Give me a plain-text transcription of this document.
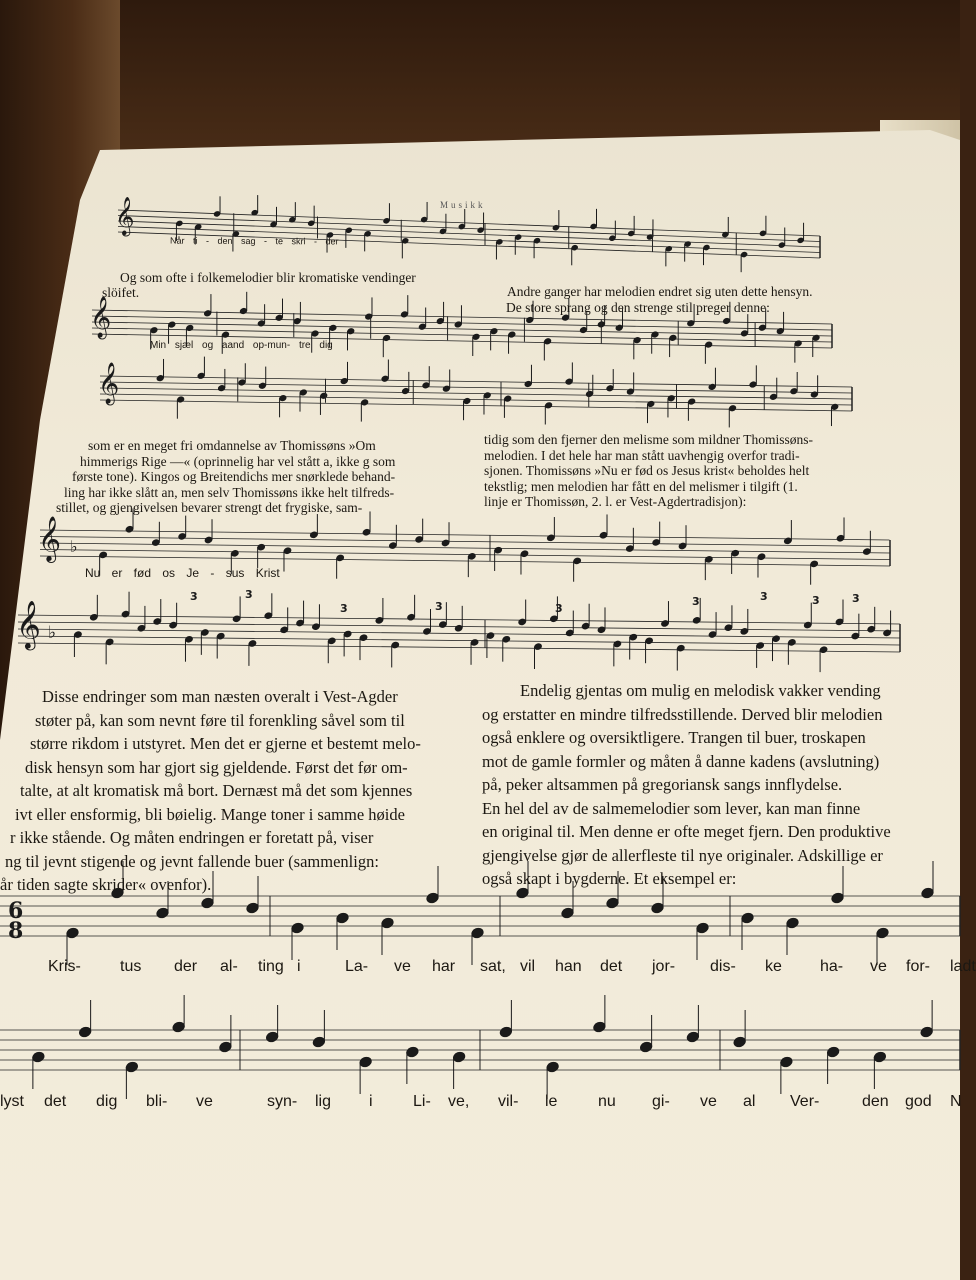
Musikk
𝄞
𝄞
𝄞
𝄞 ♭
𝄞 ♭
3	3
3	3	3
3	3	3	3
6
8
Når ti - den sag - te skri - der
Min sjæl og aand op-mun- tre dig
Nu er fød os Je - sus Krist
Kris- tus der al- ting i	La- ve har sat, vil han det jor- dis- ke ha- ve for- ladt
lyst det dig bli- ve	syn- lig i	Li- ve, vil- le	nu gi- ve al Ver-	den god N
Og som ofte i folkemelodier blir kromatiske vendinger
slöifet.	Andre ganger har melodien endret sig uten dette hensyn.
De store sprang og den strenge stil preger denne:
som er en meget fri omdannelse av Thomissøns »Om
himmerigs Rige —« (oprinnelig har vel stått a, ikke g som
første tone). Kingos og Breitendichs mer snørklede behand-
ling har ikke slått an, men selv Thomissøns ikke helt tilfreds-
stillet, og gjengivelsen bevarer strengt det frygiske, sam-
tidig som den fjerner den melisme som mildner Thomissøns-
melodien. I det hele har man stått uavhengig overfor tradi-
sjonen. Thomissøns »Nu er fød os Jesus krist« beholdes helt
tekstlig; men melodien har fått en del melismer i tilgift (1.
linje er Thomissøn, 2. l. er Vest-Agdertradisjon):
Disse endringer som man næsten overalt i Vest-Agder
støter på, kan som nevnt føre til forenkling såvel som til
større rikdom i utstyret. Men det er gjerne et bestemt melo-
disk hensyn som har gjort sig gjeldende. Først det før om-
talte, at alt kromatisk må bort. Dernæst må det som kjennes
ivt eller ensformig, bli bøielig. Mange toner i samme høide
r ikke stående. Og måten endringen er foretatt på, viser
ng til jevnt stigende og jevnt fallende buer (sammenlign:
år tiden sagte skrider« ovenfor).
Endelig gjentas om mulig en melodisk vakker vending
og erstatter en mindre tilfredsstillende. Derved blir melodien
også enklere og oversiktligere. Trangen til buer, troskapen
mot de gamle formler og måten å danne kadens (avslutning)
på, peker altsammen på gregoriansk sangs innflydelse.
En hel del av de salmemelodier som lever, kan man finne
en original til. Men denne er ofte meget fjern. Den produktive
gjengivelse gjør de allerfleste til nye originaler. Adskillige er
også skapt i bygderne. Et eksempel er:
